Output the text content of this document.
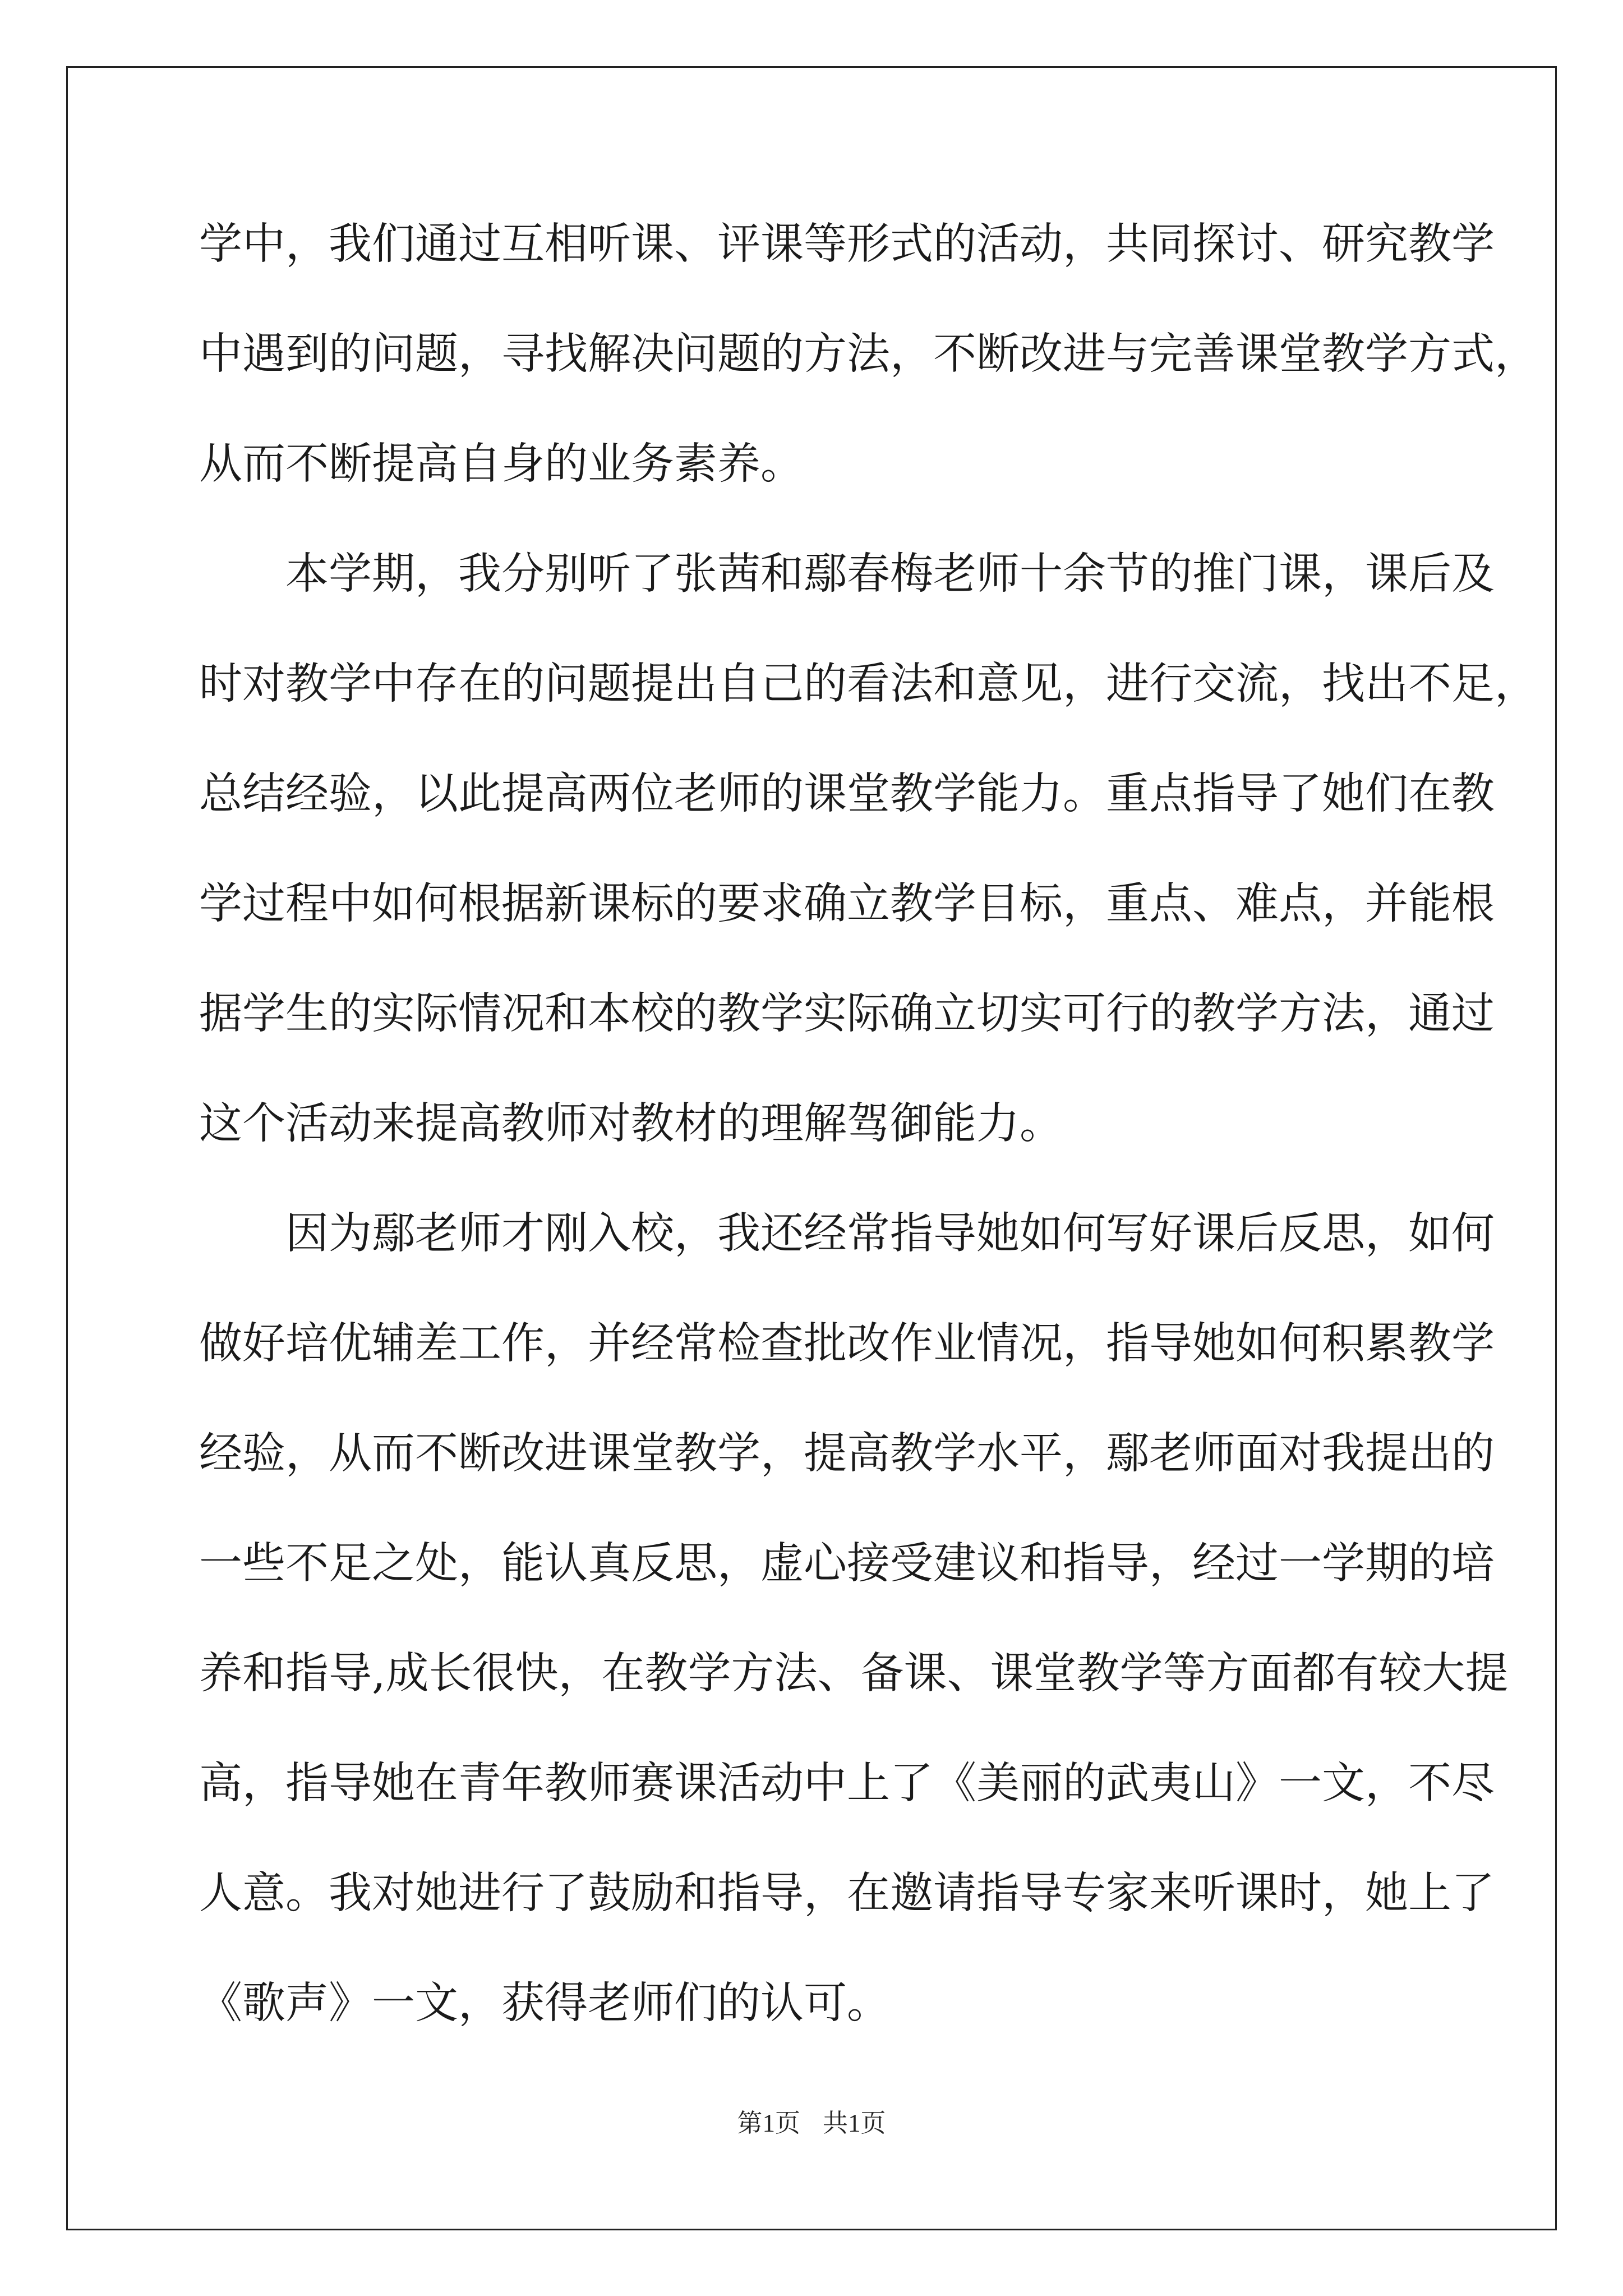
学中，我们通过互相听课、评课等形式的活动，共同探讨、研究教学
中遇到的问题，寻找解决问题的方法，不断改进与完善课堂教学方式，
从而不断提高自身的业务素养。
　　本学期，我分别听了张茜和鄢春梅老师十余节的推门课，课后及
时对教学中存在的问题提出自己的看法和意见，进行交流，找出不足，
总结经验，以此提高两位老师的课堂教学能力。重点指导了她们在教
学过程中如何根据新课标的要求确立教学目标，重点、难点，并能根
据学生的实际情况和本校的教学实际确立切实可行的教学方法，通过
这个活动来提高教师对教材的理解驾御能力。
　　因为鄢老师才刚入校，我还经常指导她如何写好课后反思，如何
做好培优辅差工作，并经常检查批改作业情况，指导她如何积累教学
经验，从而不断改进课堂教学，提高教学水平，鄢老师面对我提出的
一些不足之处，能认真反思，虚心接受建议和指导，经过一学期的培
养和指导,成长很快，在教学方法、备课、课堂教学等方面都有较大提
高，指导她在青年教师赛课活动中上了《美丽的武夷山》一文，不尽
人意。我对她进行了鼓励和指导，在邀请指导专家来听课时，她上了
《歌声》一文，获得老师们的认可。
第1页 共1页
